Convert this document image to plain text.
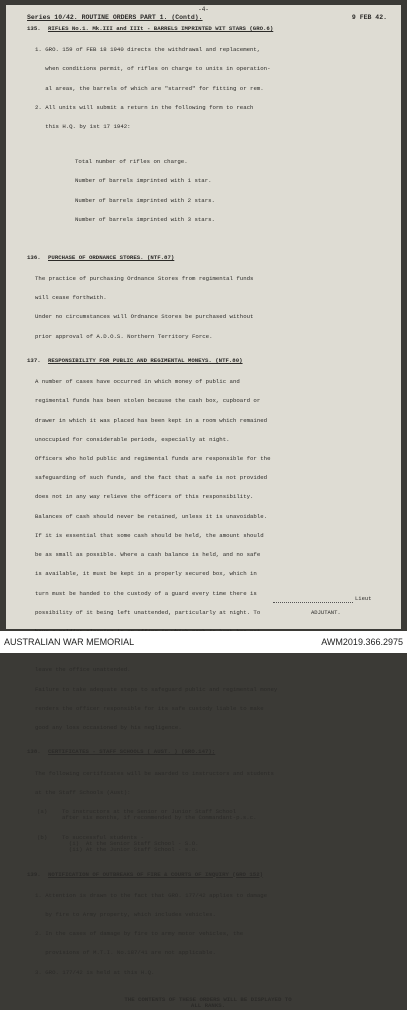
-4-
Series 10/42. ROUTINE ORDERS PART 1. (Contd).	9 FEB 42.
135.	RIFLES No.1. Mk.III and IIIt - BARRELS IMPRINTED WIT STARS (GRO.6)

1. GRO. 159 of FEB 18 1940 directs the withdrawal and replacement,

when conditions permit, of rifles on charge to units in operation-

al areas, the barrels of which are "starred" for fitting or rem.

2. All units will submit a return in the following form to reach

this H.Q. by 1st 17 1942:

Total number of rifles on charge.

Number of barrels imprinted with 1 star.

Number of barrels imprinted with 2 stars.

Number of barrels imprinted with 3 stars.

136.	PURCHASE OF ORDNANCE STORES. (NTF.87)

The practice of purchasing Ordnance Stores from regimental funds

will cease forthwith.

Under no circumstances will Ordnance Stores be purchased without

prior approval of A.D.O.S. Northern Territory Force.

137.	RESPONSIBILITY FOR PUBLIC AND REGIMENTAL MONEYS. (NTF.80)

A number of cases have occurred in which money of public and

regimental funds has been stolen because the cash box, cupboard or

drawer in which it was placed has been kept in a room which remained

unoccupied for considerable periods, especially at night.

Officers who hold public and regimental funds are responsible for the

safeguarding of such funds, and the fact that a safe is not provided

does not in any way relieve the officers of this responsibility.

Balances of cash should never be retained, unless it is unavoidable.

If it is essential that some cash should be held, the amount should

be as small as possible. Where a cash balance is held, and no safe

is available, it must be kept in a properly secured box, which in

turn must be handed to the custody of a guard every time there is

possibility of it being left unattended, particularly at night. To

leave the office unattended.

Failure to take adequate steps to safeguard public and regimental money

renders the officer responsible for its safe custody liable to make

good any loss occasioned by his negligence.

138.	CERTIFICATES - STAFF SCHOOLS ( AUST. ) (GRO.147);

The following certificates will be awarded to instructors and students

at the Staff Schools (Aust):

(a)	To instructors at the Senior or Junior Staff School
after six months, if recommended by the Commandant-p.s.c.

(b)	To successful students -
(i)  At the Senior Staff School - S.O.
(ii) At the Junior Staff School - s.o.

139.	NOTIFICATION OF OUTBREAKS OF FIRE & COURTS OF INQUIRY (GRO 152)

1. Attention is drawn to the fact that GRO. 177/42 applies to damage

by fire to Army property, which includes vehicles.

2. In the cases of damage by fire to army motor vehicles, the

provisions of M.T.I. No.187/41 are not applicable.

3. GRO. 177/42 is held at this H.Q.

THE CONTENTS OF THESE ORDERS WILL BE DISPLAYED TO
ALL RANKS.
Lieut
ADJUTANT.
AUSTRALIAN WAR MEMORIAL	AWM2019.366.2975
